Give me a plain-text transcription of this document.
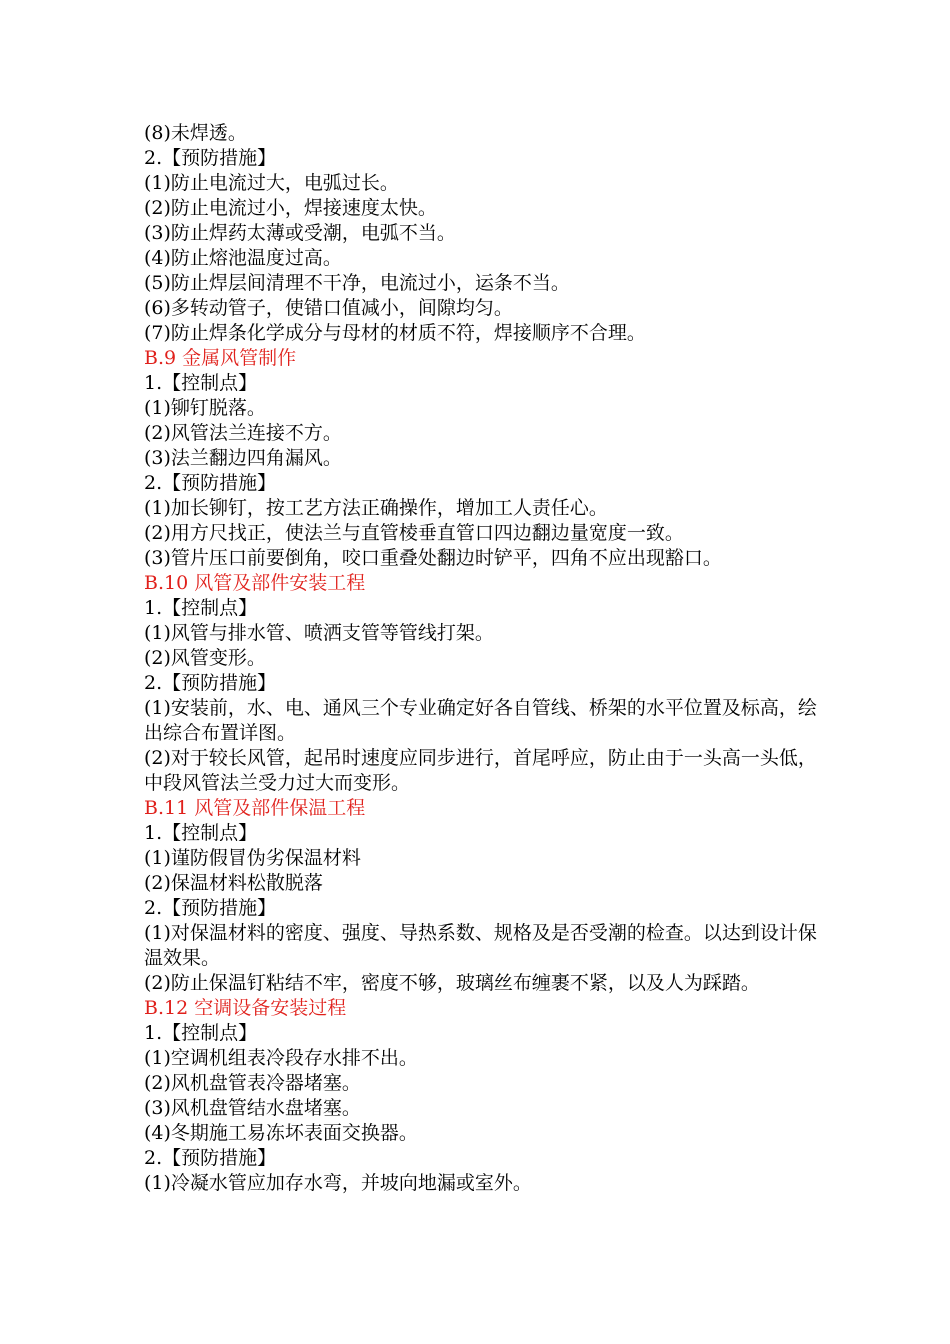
(8)未焊透。

2.【预防措施】

(1)防止电流过大，电弧过长。

(2)防止电流过小，焊接速度太快。

(3)防止焊药太薄或受潮，电弧不当。

(4)防止熔池温度过高。

(5)防止焊层间清理不干净，电流过小，运条不当。

(6)多转动管子，使错口值减小，间隙均匀。

(7)防止焊条化学成分与母材的材质不符，焊接顺序不合理。

B.9 金属风管制作

1.【控制点】

(1)铆钉脱落。

(2)风管法兰连接不方。

(3)法兰翻边四角漏风。

2.【预防措施】

(1)加长铆钉，按工艺方法正确操作，增加工人责任心。

(2)用方尺找正，使法兰与直管棱垂直管口四边翻边量宽度一致。

(3)管片压口前要倒角，咬口重叠处翻边时铲平，四角不应出现豁口。

B.10 风管及部件安装工程

1.【控制点】

(1)风管与排水管、喷洒支管等管线打架。

(2)风管变形。

2.【预防措施】

(1)安装前，水、电、通风三个专业确定好各自管线、桥架的水平位置及标高，绘出综合布置详图。

(2)对于较长风管，起吊时速度应同步进行，首尾呼应，防止由于一头高一头低，中段风管法兰受力过大而变形。

B.11 风管及部件保温工程

1.【控制点】

(1)谨防假冒伪劣保温材料

(2)保温材料松散脱落

2.【预防措施】

(1)对保温材料的密度、强度、导热系数、规格及是否受潮的检查。以达到设计保温效果。

(2)防止保温钉粘结不牢，密度不够，玻璃丝布缠裹不紧，以及人为踩踏。

B.12 空调设备安装过程

1.【控制点】

(1)空调机组表冷段存水排不出。

(2)风机盘管表冷器堵塞。

(3)风机盘管结水盘堵塞。

(4)冬期施工易冻坏表面交换器。

2.【预防措施】

(1)冷凝水管应加存水弯，并坡向地漏或室外。
